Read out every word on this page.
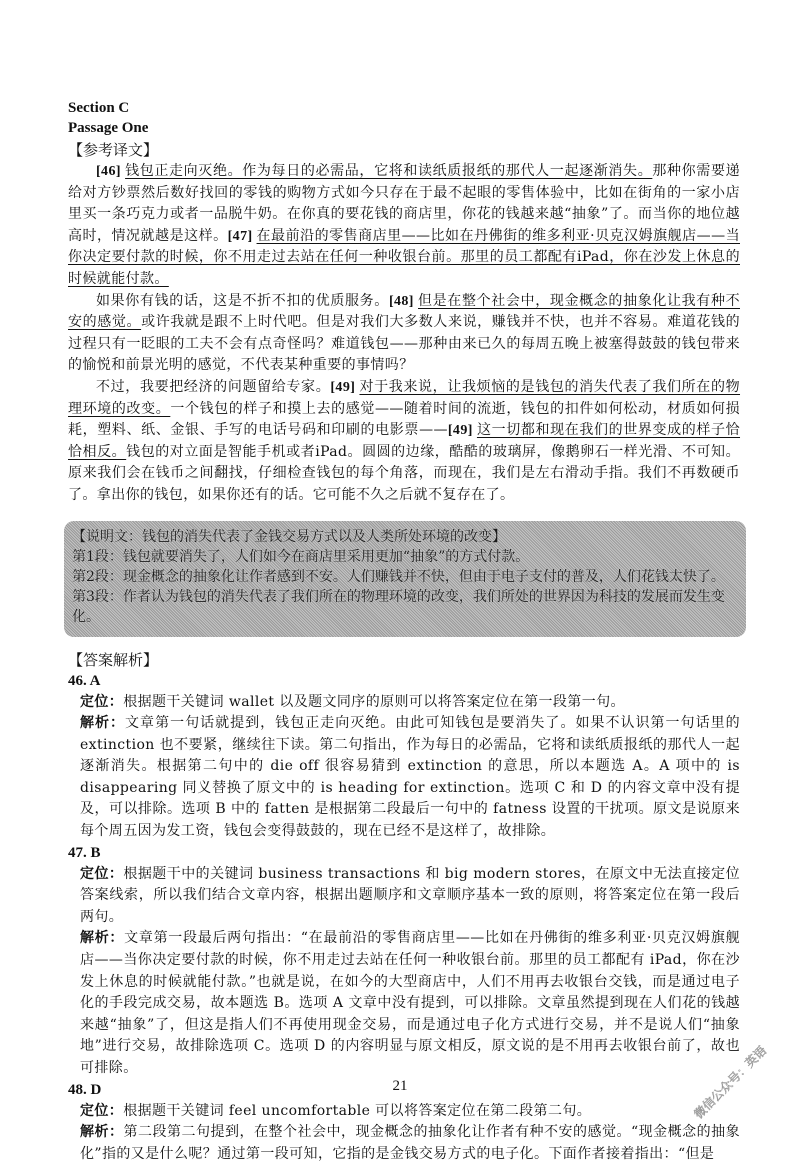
Section C
Passage One
【参考译文】

[46] 钱包正走向灭绝。作为每日的必需品，它将和读纸质报纸的那代人一起逐渐消失。那种你需要递给对方钞票然后数好找回的零钱的购物方式如今只存在于最不起眼的零售体验中，比如在街角的一家小店里买一条巧克力或者一品脱牛奶。在你真的要花钱的商店里，你花的钱越来越“抽象”了。而当你的地位越高时，情况就越是这样。[47] 在最前沿的零售商店里——比如在丹佛街的维多利亚·贝克汉姆旗舰店——当你决定要付款的时候，你不用走过去站在任何一种收银台前。那里的员工都配有iPad，你在沙发上休息的时候就能付款。

如果你有钱的话，这是不折不扣的优质服务。[48] 但是在整个社会中，现金概念的抽象化让我有种不安的感觉。或许我就是跟不上时代吧。但是对我们大多数人来说，赚钱并不快，也并不容易。难道花钱的过程只有一眨眼的工夫不会有点奇怪吗？难道钱包——那种由来已久的每周五晚上被塞得鼓鼓的钱包带来的愉悦和前景光明的感觉，不代表某种重要的事情吗？

不过，我要把经济的问题留给专家。[49] 对于我来说，让我烦恼的是钱包的消失代表了我们所在的物理环境的改变。一个钱包的样子和摸上去的感觉——随着时间的流逝，钱包的扣件如何松动，材质如何损耗，塑料、纸、金银、手写的电话号码和印刷的电影票——[49] 这一切都和现在我们的世界变成的样子恰恰相反。钱包的对立面是智能手机或者iPad。圆圆的边缘，酷酷的玻璃屏，像鹅卵石一样光滑、不可知。原来我们会在钱币之间翻找，仔细检查钱包的每个角落，而现在，我们是左右滑动手指。我们不再数硬币了。拿出你的钱包，如果你还有的话。它可能不久之后就不复存在了。

【说明文：钱包的消失代表了金钱交易方式以及人类所处环境的改变】
第1段：钱包就要消失了，人们如今在商店里采用更加“抽象”的方式付款。
第2段：现金概念的抽象化让作者感到不安。人们赚钱并不快，但由于电子支付的普及，人们花钱太快了。
第3段：作者认为钱包的消失代表了我们所在的物理环境的改变，我们所处的世界因为科技的发展而发生变化。
【答案解析】
46. A

定位：根据题干关键词 wallet 以及题文同序的原则可以将答案定位在第一段第一句。

解析：文章第一句话就提到，钱包正走向灭绝。由此可知钱包是要消失了。如果不认识第一句话里的 extinction 也不要紧，继续往下读。第二句指出，作为每日的必需品，它将和读纸质报纸的那代人一起逐渐消失。根据第二句中的 die off 很容易猜到 extinction 的意思，所以本题选 A。A 项中的 is disappearing 同义替换了原文中的 is heading for extinction。选项 C 和 D 的内容文章中没有提及，可以排除。选项 B 中的 fatten 是根据第二段最后一句中的 fatness 设置的干扰项。原文是说原来每个周五因为发工资，钱包会变得鼓鼓的，现在已经不是这样了，故排除。

47. B

定位：根据题干中的关键词 business transactions 和 big modern stores，在原文中无法直接定位答案线索，所以我们结合文章内容，根据出题顺序和文章顺序基本一致的原则，将答案定位在第一段后两句。

解析：文章第一段最后两句指出：“在最前沿的零售商店里——比如在丹佛街的维多利亚·贝克汉姆旗舰店——当你决定要付款的时候，你不用走过去站在任何一种收银台前。那里的员工都配有 iPad，你在沙发上休息的时候就能付款。”也就是说，在如今的大型商店中，人们不用再去收银台交钱，而是通过电子化的手段完成交易，故本题选 B。选项 A 文章中没有提到，可以排除。文章虽然提到现在人们花的钱越来越“抽象”了，但这是指人们不再使用现金交易，而是通过电子化方式进行交易，并不是说人们“抽象地”进行交易，故排除选项 C。选项 D 的内容明显与原文相反，原文说的是不用再去收银台前了，故也可排除。

48. D

定位：根据题干关键词 feel uncomfortable 可以将答案定位在第二段第二句。

解析：第二段第二句提到，在整个社会中，现金概念的抽象化让作者有种不安的感觉。“现金概念的抽象化”指的又是什么呢？通过第一段可知，它指的是金钱交易方式的电子化。下面作者接着指出：“但是

21	微信公众号：英语
